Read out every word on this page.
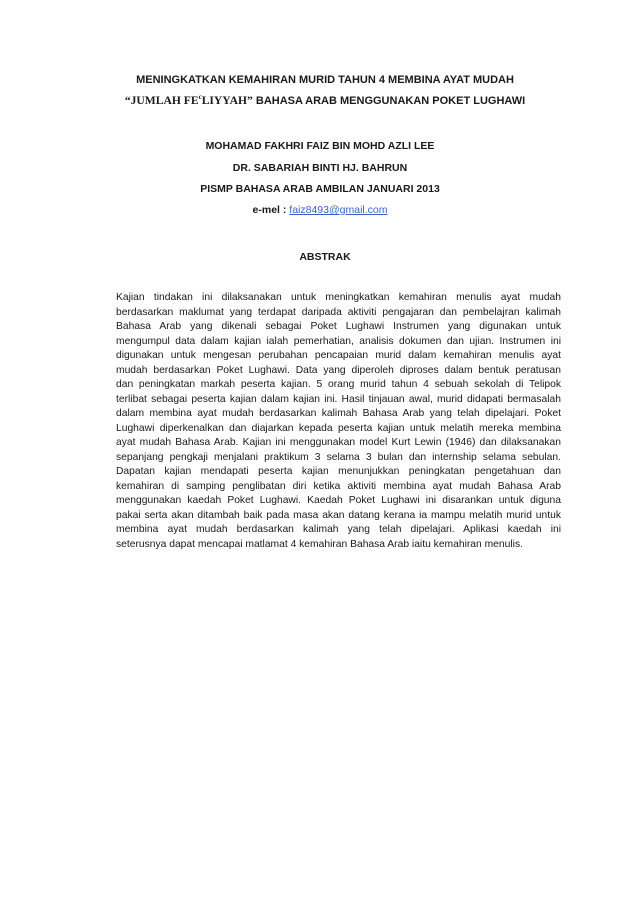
MENINGKATKAN KEMAHIRAN MURID TAHUN 4 MEMBINA AYAT MUDAH
“JUMLAH $FE^cLIYYAH$” BAHASA ARAB MENGGUNAKAN POKET LUGHAWI
MOHAMAD FAKHRI FAIZ BIN MOHD AZLI LEE
DR. SABARIAH BINTI HJ. BAHRUN
PISMP BAHASA ARAB AMBILAN JANUARI 2013
e-mel : faiz8493@gmail.com
ABSTRAK
Kajian tindakan ini dilaksanakan untuk meningkatkan kemahiran menulis ayat mudah
berdasarkan maklumat yang terdapat daripada aktiviti pengajaran dan pembelajran kalimah
Bahasa Arab yang dikenali sebagai Poket Lughawi Instrumen yang digunakan untuk
mengumpul data dalam kajian ialah pemerhatian, analisis dokumen dan ujian. Instrumen ini
digunakan untuk mengesan perubahan pencapaian murid dalam kemahiran menulis ayat
mudah berdasarkan Poket Lughawi. Data yang diperoleh diproses dalam bentuk peratusan
dan peningkatan markah peserta kajian. 5 orang murid tahun 4 sebuah sekolah di Telipok
terlibat sebagai peserta kajian dalam kajian ini. Hasil tinjauan awal, murid didapati bermasalah
dalam membina ayat mudah berdasarkan kalimah Bahasa Arab yang telah dipelajari. Poket
Lughawi diperkenalkan dan diajarkan kepada peserta kajian untuk melatih mereka membina
ayat mudah Bahasa Arab. Kajian ini menggunakan model Kurt Lewin (1946) dan dilaksanakan
sepanjang pengkaji menjalani praktikum 3 selama 3 bulan dan internship selama sebulan.
Dapatan kajian mendapati peserta kajian menunjukkan peningkatan pengetahuan dan
kemahiran di samping penglibatan diri ketika aktiviti membina ayat mudah Bahasa Arab
menggunakan kaedah Poket Lughawi. Kaedah Poket Lughawi ini disarankan untuk diguna
pakai serta akan ditambah baik pada masa akan datang kerana ia mampu melatih murid untuk
membina ayat mudah berdasarkan kalimah yang telah dipelajari. Aplikasi kaedah ini
seterusnya dapat mencapai matlamat 4 kemahiran Bahasa Arab iaitu kemahiran menulis.
